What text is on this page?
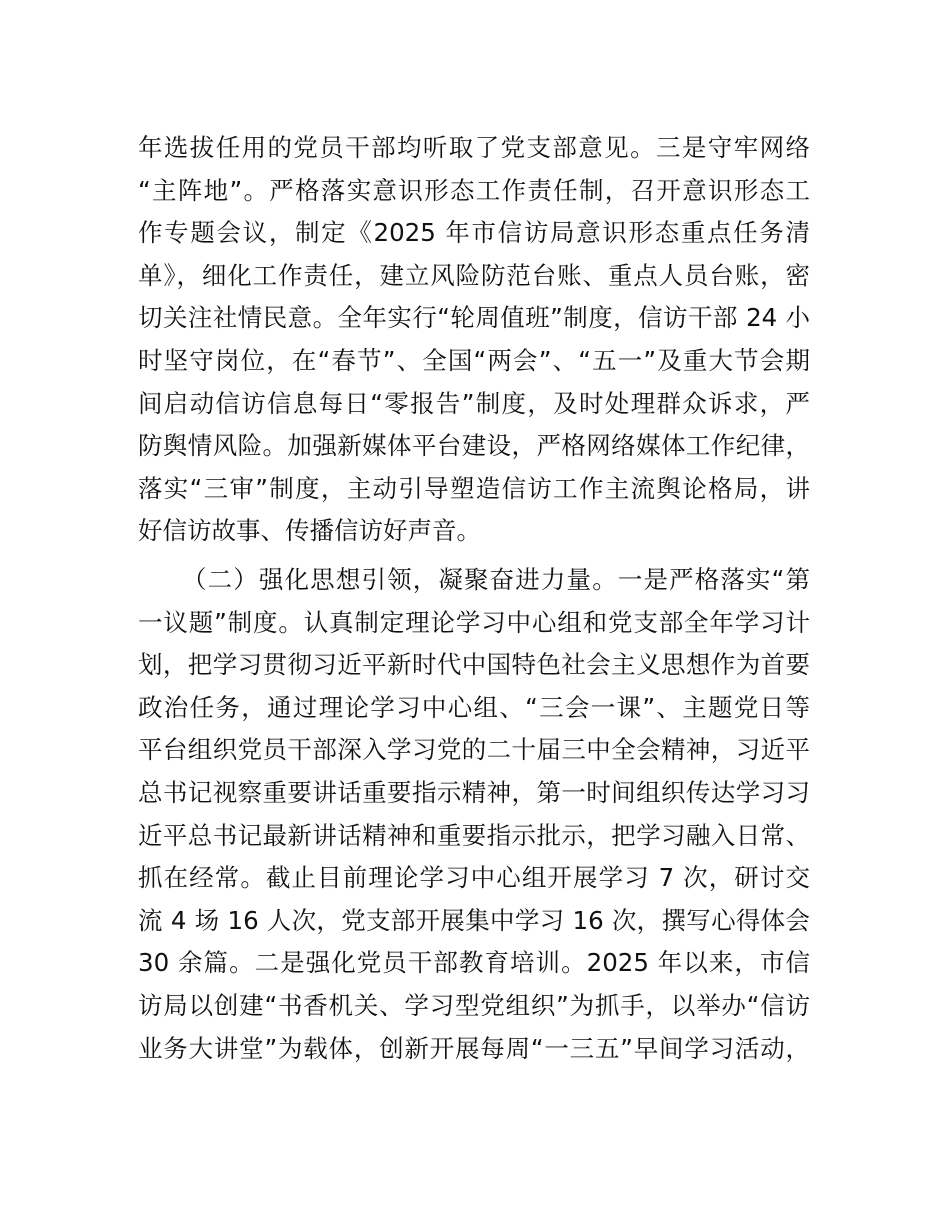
年选拔任用的党员干部均听取了党支部意见。三是守牢网络
“主阵地”。严格落实意识形态工作责任制，召开意识形态工
作专题会议，制定《2025 年市信访局意识形态重点任务清
单》，细化工作责任，建立风险防范台账、重点人员台账，密
切关注社情民意。全年实行“轮周值班”制度，信访干部 24 小
时坚守岗位，在“春节”、全国“两会”、“五一”及重大节会期
间启动信访信息每日“零报告”制度，及时处理群众诉求，严
防舆情风险。加强新媒体平台建设，严格网络媒体工作纪律，
落实“三审”制度，主动引导塑造信访工作主流舆论格局，讲
好信访故事、传播信访好声音。
（二）强化思想引领，凝聚奋进力量。一是严格落实“第
一议题”制度。认真制定理论学习中心组和党支部全年学习计
划，把学习贯彻习近平新时代中国特色社会主义思想作为首要
政治任务，通过理论学习中心组、“三会一课”、主题党日等
平台组织党员干部深入学习党的二十届三中全会精神，习近平
总书记视察重要讲话重要指示精神，第一时间组织传达学习习
近平总书记最新讲话精神和重要指示批示，把学习融入日常、
抓在经常。截止目前理论学习中心组开展学习 7 次，研讨交
流 4 场 16 人次，党支部开展集中学习 16 次，撰写心得体会
30 余篇。二是强化党员干部教育培训。2025 年以来，市信
访局以创建“书香机关、学习型党组织”为抓手，以举办“信访
业务大讲堂”为载体，创新开展每周“一三五”早间学习活动，
